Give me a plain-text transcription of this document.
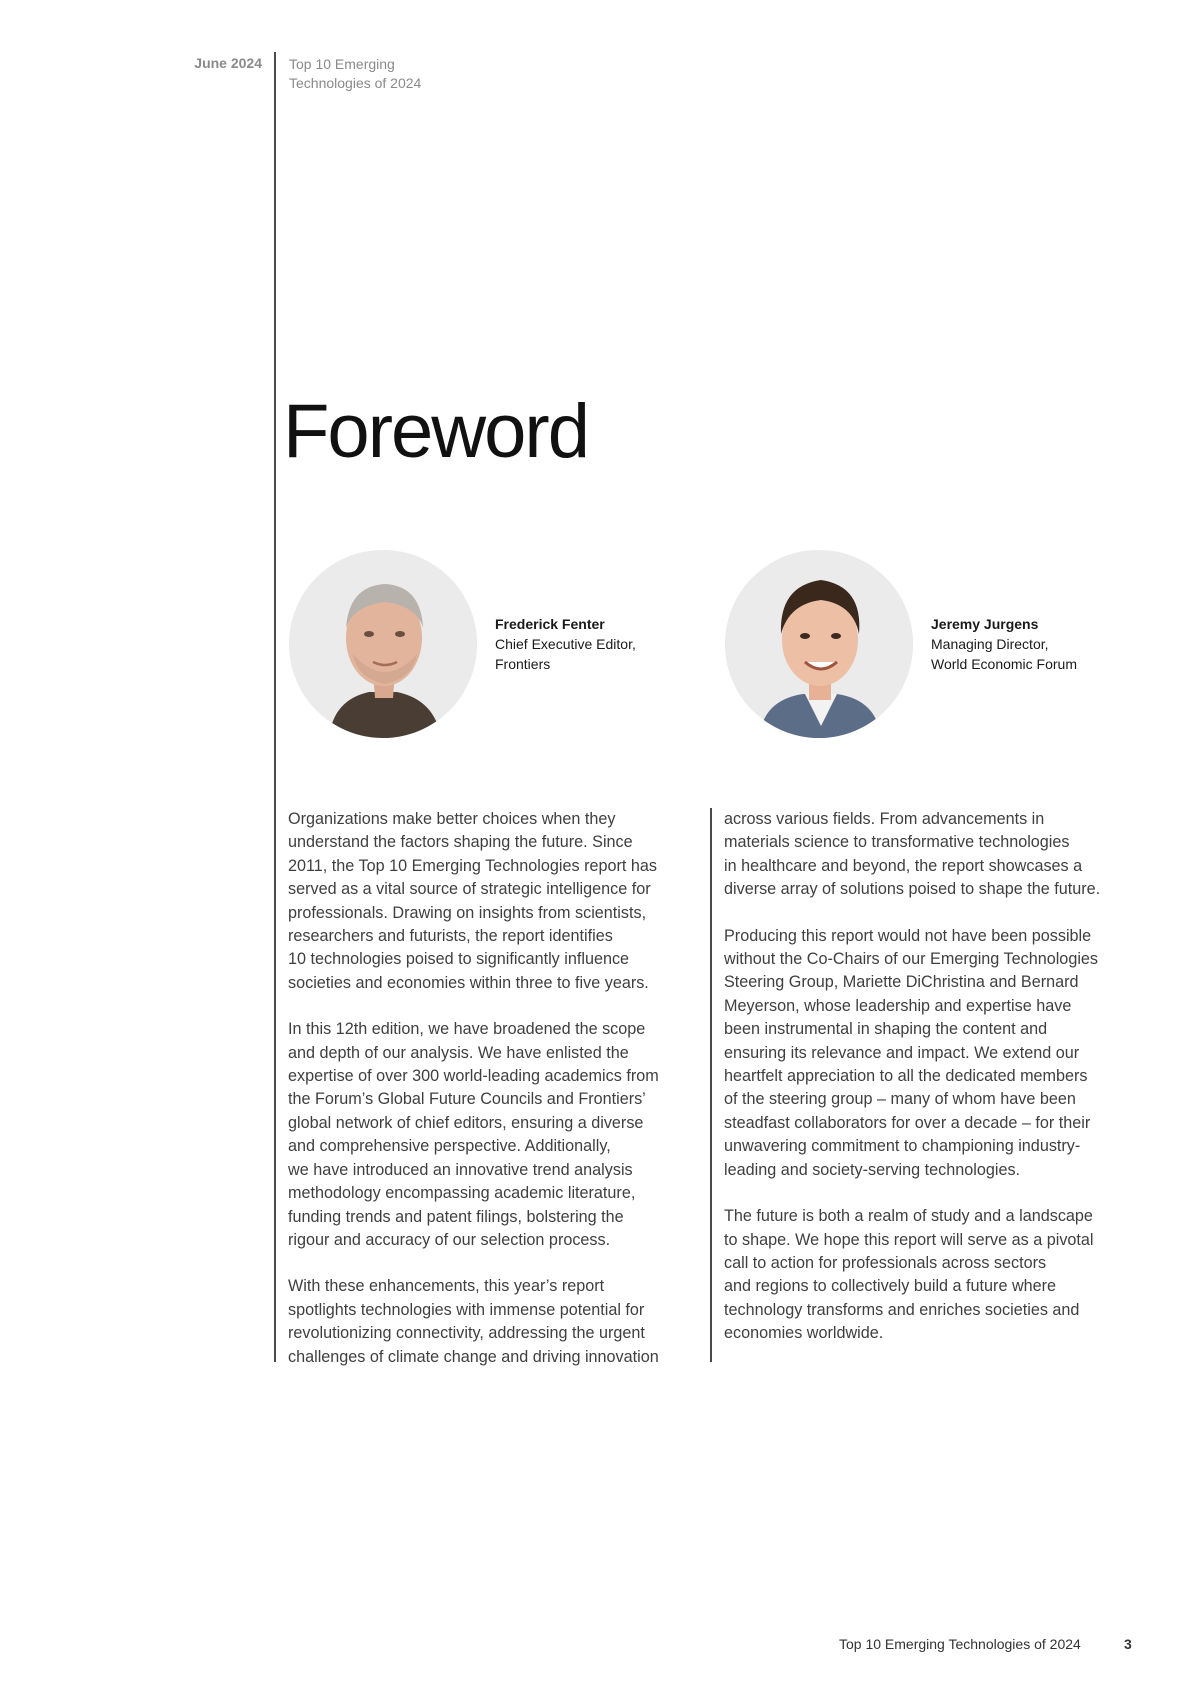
June 2024 Top 10 Emerging
Technologies of 2024
Foreword
Frederick Fenter
Chief Executive Editor,
Frontiers
Jeremy Jurgens
Managing Director,
World Economic Forum

Organizations make better choices when they
understand the factors shaping the future. Since
2011, the Top 10 Emerging Technologies report has
served as a vital source of strategic intelligence for
professionals. Drawing on insights from scientists,
researchers and futurists, the report identifies
10 technologies poised to significantly influence
societies and economies within three to five years.

In this 12th edition, we have broadened the scope
and depth of our analysis. We have enlisted the
expertise of over 300 world-leading academics from
the Forum’s Global Future Councils and Frontiers’
global network of chief editors, ensuring a diverse
and comprehensive perspective. Additionally,
we have introduced an innovative trend analysis
methodology encompassing academic literature,
funding trends and patent filings, bolstering the
rigour and accuracy of our selection process.

With these enhancements, this year’s report
spotlights technologies with immense potential for
revolutionizing connectivity, addressing the urgent
challenges of climate change and driving innovation

across various fields. From advancements in
materials science to transformative technologies
in healthcare and beyond, the report showcases a
diverse array of solutions poised to shape the future.

Producing this report would not have been possible
without the Co-Chairs of our Emerging Technologies
Steering Group, Mariette DiChristina and Bernard
Meyerson, whose leadership and expertise have
been instrumental in shaping the content and
ensuring its relevance and impact. We extend our
heartfelt appreciation to all the dedicated members
of the steering group – many of whom have been
steadfast collaborators for over a decade – for their
unwavering commitment to championing industry-
leading and society-serving technologies.

The future is both a realm of study and a landscape
to shape. We hope this report will serve as a pivotal
call to action for professionals across sectors
and regions to collectively build a future where
technology transforms and enriches societies and
economies worldwide.

Top 10 Emerging Technologies of 2024	3
